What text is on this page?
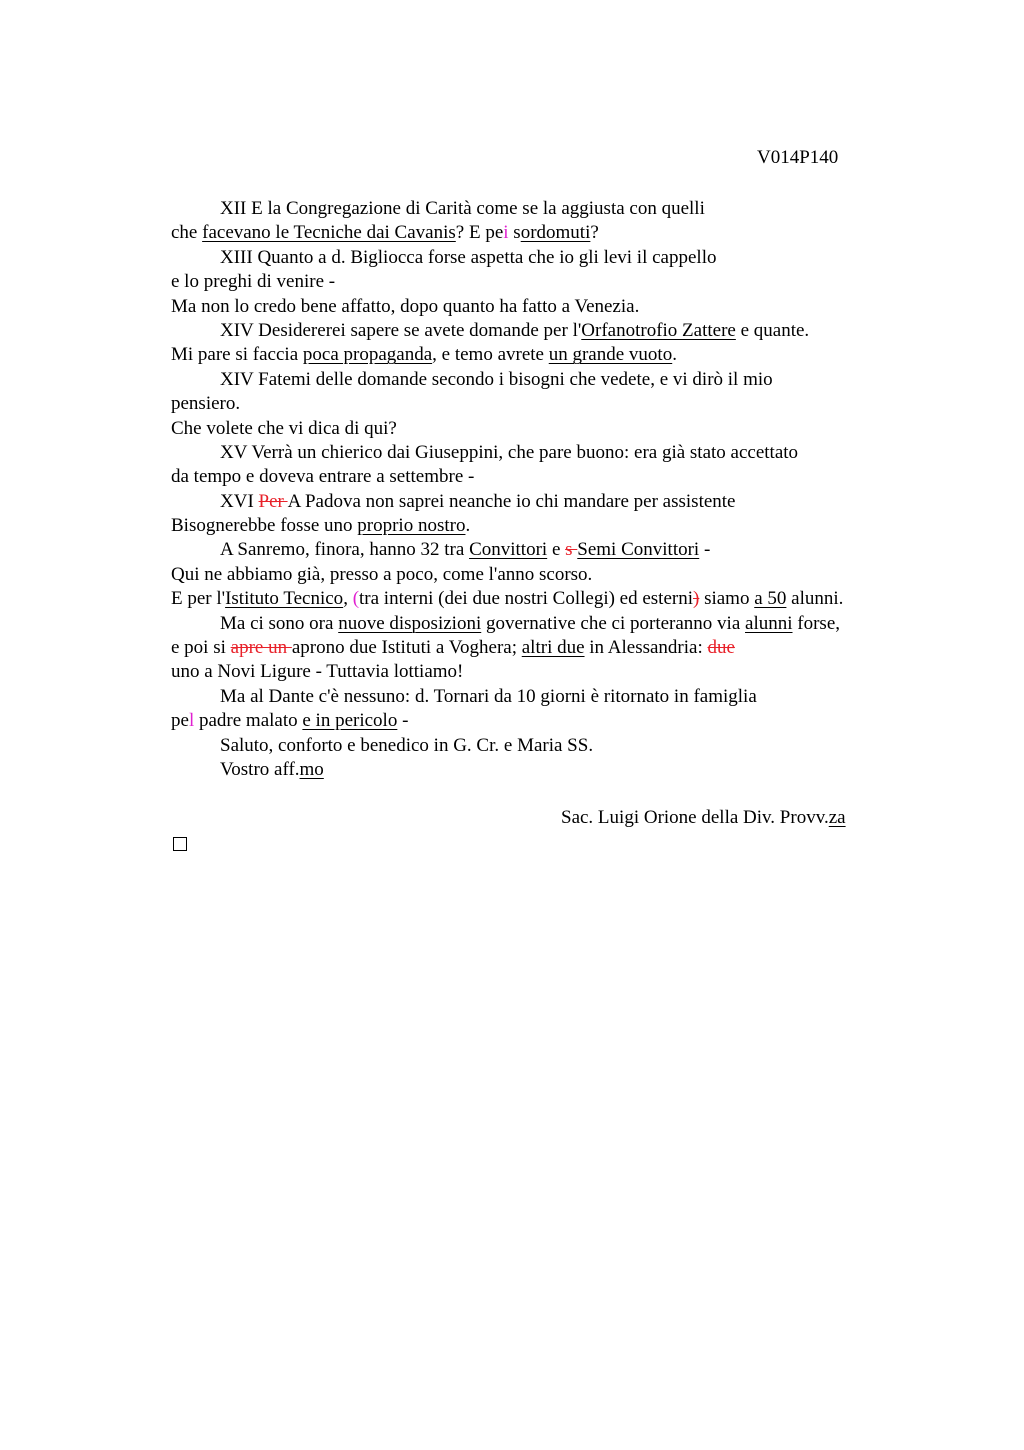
V014P140
XII E la Congregazione di Carità come se la aggiusta con quelli
che facevano le Tecniche dai Cavanis? E pei sordomuti?
XIII Quanto a d. Bigliocca forse aspetta che io gli levi il cappello
e lo preghi di venire -
Ma non lo credo bene affatto, dopo quanto ha fatto a Venezia.
XIV Desidererei sapere se avete domande per l'Orfanotrofio Zattere e quante.
Mi pare si faccia poca propaganda, e temo avrete un grande vuoto.
XIV Fatemi delle domande secondo i bisogni che vedete, e vi dirò il mio
pensiero.
Che volete che vi dica di qui?
XV Verrà un chierico dai Giuseppini, che pare buono: era già stato accettato
da tempo e doveva entrare a settembre -
XVI Per A Padova non saprei neanche io chi mandare per assistente
Bisognerebbe fosse uno proprio nostro.
A Sanremo, finora, hanno 32 tra Convittori e s Semi Convittori -
Qui ne abbiamo già, presso a poco, come l'anno scorso.
E per l'Istituto Tecnico, (tra interni (dei due nostri Collegi) ed esterni) siamo a 50 alunni.
Ma ci sono ora nuove disposizioni governative che ci porteranno via alunni forse,
e poi si apre un aprono due Istituti a Voghera; altri due in Alessandria: due
uno a Novi Ligure - Tuttavia lottiamo!
Ma al Dante c'è nessuno: d. Tornari da 10 giorni è ritornato in famiglia
pel padre malato e in pericolo -
Saluto, conforto e benedico in G. Cr. e Maria SS.
Vostro aff.mo
Sac. Luigi Orione della Div. Provv.za
